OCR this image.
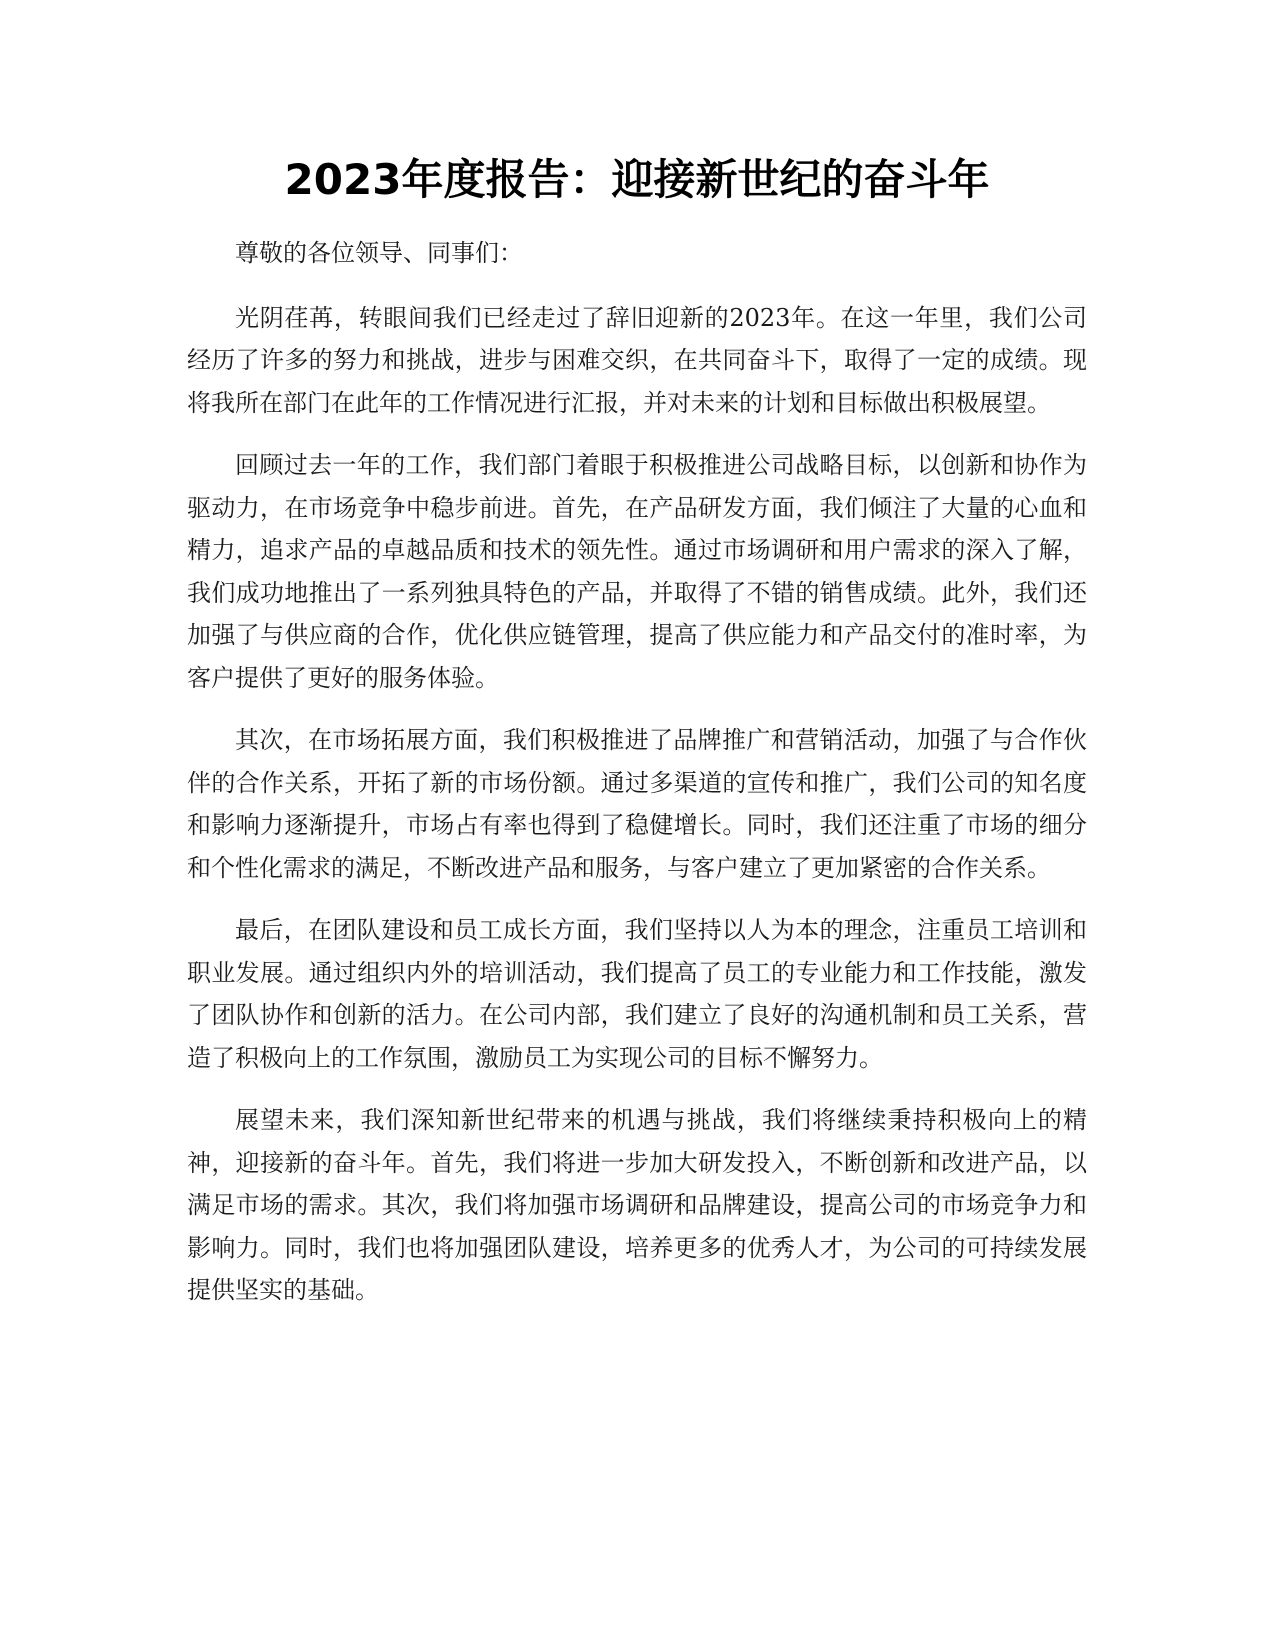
2023年度报告：迎接新世纪的奋斗年

尊敬的各位领导、同事们：

光阴荏苒，转眼间我们已经走过了辞旧迎新的2023年。在这一年里，我们公司经历了许多的努力和挑战，进步与困难交织，在共同奋斗下，取得了一定的成绩。现将我所在部门在此年的工作情况进行汇报，并对未来的计划和目标做出积极展望。

回顾过去一年的工作，我们部门着眼于积极推进公司战略目标，以创新和协作为驱动力，在市场竞争中稳步前进。首先，在产品研发方面，我们倾注了大量的心血和精力，追求产品的卓越品质和技术的领先性。通过市场调研和用户需求的深入了解，我们成功地推出了一系列独具特色的产品，并取得了不错的销售成绩。此外，我们还加强了与供应商的合作，优化供应链管理，提高了供应能力和产品交付的准时率，为客户提供了更好的服务体验。

其次，在市场拓展方面，我们积极推进了品牌推广和营销活动，加强了与合作伙伴的合作关系，开拓了新的市场份额。通过多渠道的宣传和推广，我们公司的知名度和影响力逐渐提升，市场占有率也得到了稳健增长。同时，我们还注重了市场的细分和个性化需求的满足，不断改进产品和服务，与客户建立了更加紧密的合作关系。

最后，在团队建设和员工成长方面，我们坚持以人为本的理念，注重员工培训和职业发展。通过组织内外的培训活动，我们提高了员工的专业能力和工作技能，激发了团队协作和创新的活力。在公司内部，我们建立了良好的沟通机制和员工关系，营造了积极向上的工作氛围，激励员工为实现公司的目标不懈努力。

展望未来，我们深知新世纪带来的机遇与挑战，我们将继续秉持积极向上的精神，迎接新的奋斗年。首先，我们将进一步加大研发投入，不断创新和改进产品，以满足市场的需求。其次，我们将加强市场调研和品牌建设，提高公司的市场竞争力和影响力。同时，我们也将加强团队建设，培养更多的优秀人才，为公司的可持续发展提供坚实的基础。
